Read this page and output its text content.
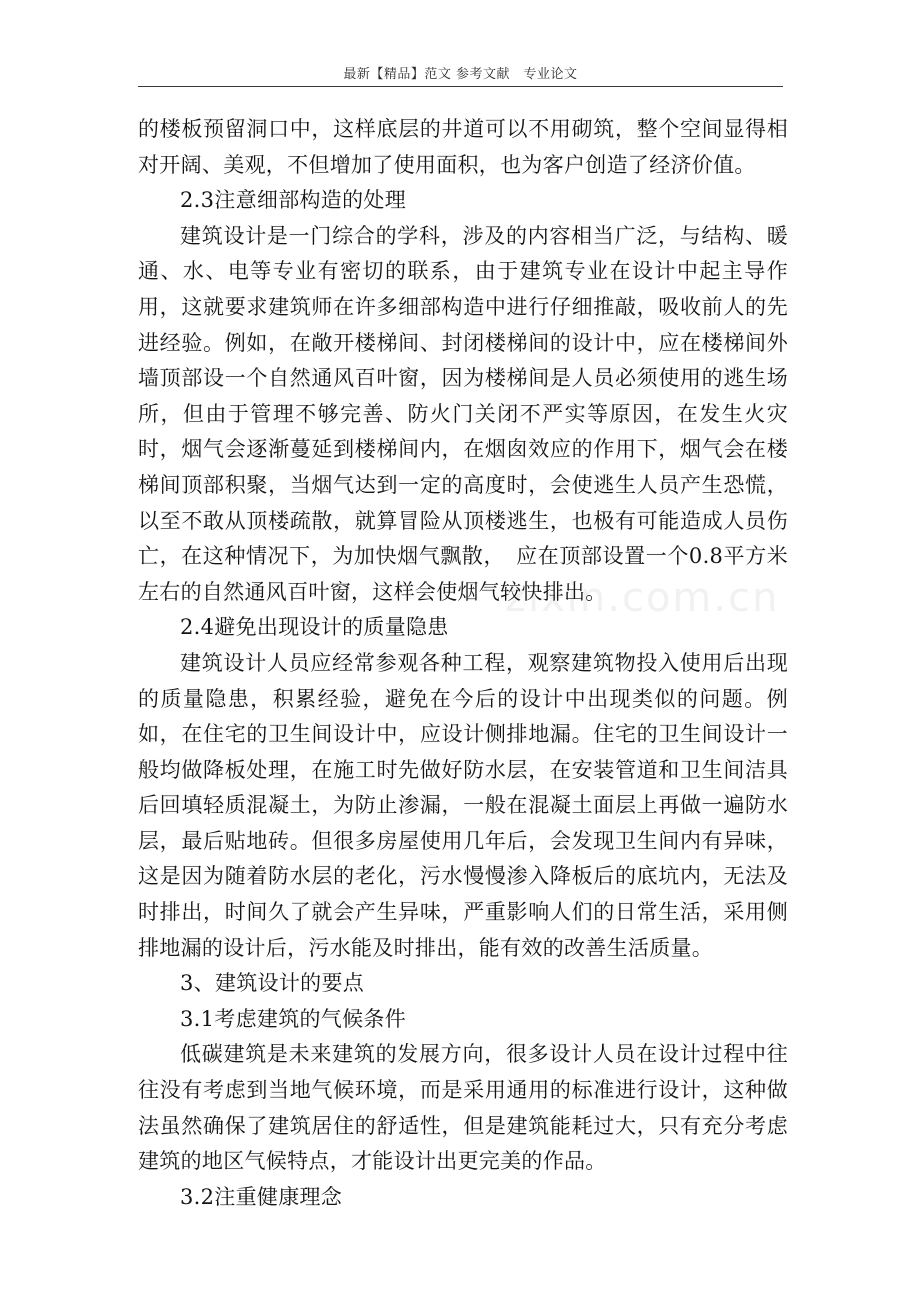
最新【精品】范文 参考文献　专业论文
zixin.com.cn

的楼板预留洞口中，这样底层的井道可以不用砌筑，整个空间显得相对开阔、美观，不但增加了使用面积，也为客户创造了经济价值。

2.3注意细部构造的处理

建筑设计是一门综合的学科，涉及的内容相当广泛，与结构、暖通、水、电等专业有密切的联系，由于建筑专业在设计中起主导作用，这就要求建筑师在许多细部构造中进行仔细推敲，吸收前人的先进经验。例如，在敞开楼梯间、封闭楼梯间的设计中，应在楼梯间外墙顶部设一个自然通风百叶窗，因为楼梯间是人员必须使用的逃生场所，但由于管理不够完善、防火门关闭不严实等原因，在发生火灾时，烟气会逐渐蔓延到楼梯间内，在烟囱效应的作用下，烟气会在楼梯间顶部积聚，当烟气达到一定的高度时，会使逃生人员产生恐慌，以至不敢从顶楼疏散，就算冒险从顶楼逃生，也极有可能造成人员伤亡，在这种情况下，为加快烟气飘散，　应在顶部设置一个0.8平方米左右的自然通风百叶窗，这样会使烟气较快排出。

2.4避免出现设计的质量隐患

建筑设计人员应经常参观各种工程，观察建筑物投入使用后出现的质量隐患，积累经验，避免在今后的设计中出现类似的问题。例如，在住宅的卫生间设计中，应设计侧排地漏。住宅的卫生间设计一般均做降板处理，在施工时先做好防水层，在安装管道和卫生间洁具后回填轻质混凝土，为防止渗漏，一般在混凝土面层上再做一遍防水层，最后贴地砖。但很多房屋使用几年后，会发现卫生间内有异味，这是因为随着防水层的老化，污水慢慢渗入降板后的底坑内，无法及时排出，时间久了就会产生异味，严重影响人们的日常生活，采用侧排地漏的设计后，污水能及时排出，能有效的改善生活质量。

3、建筑设计的要点

3.1考虑建筑的气候条件

低碳建筑是未来建筑的发展方向，很多设计人员在设计过程中往往没有考虑到当地气候环境，而是采用通用的标准进行设计，这种做法虽然确保了建筑居住的舒适性，但是建筑能耗过大，只有充分考虑建筑的地区气候特点，才能设计出更完美的作品。

3.2注重健康理念
